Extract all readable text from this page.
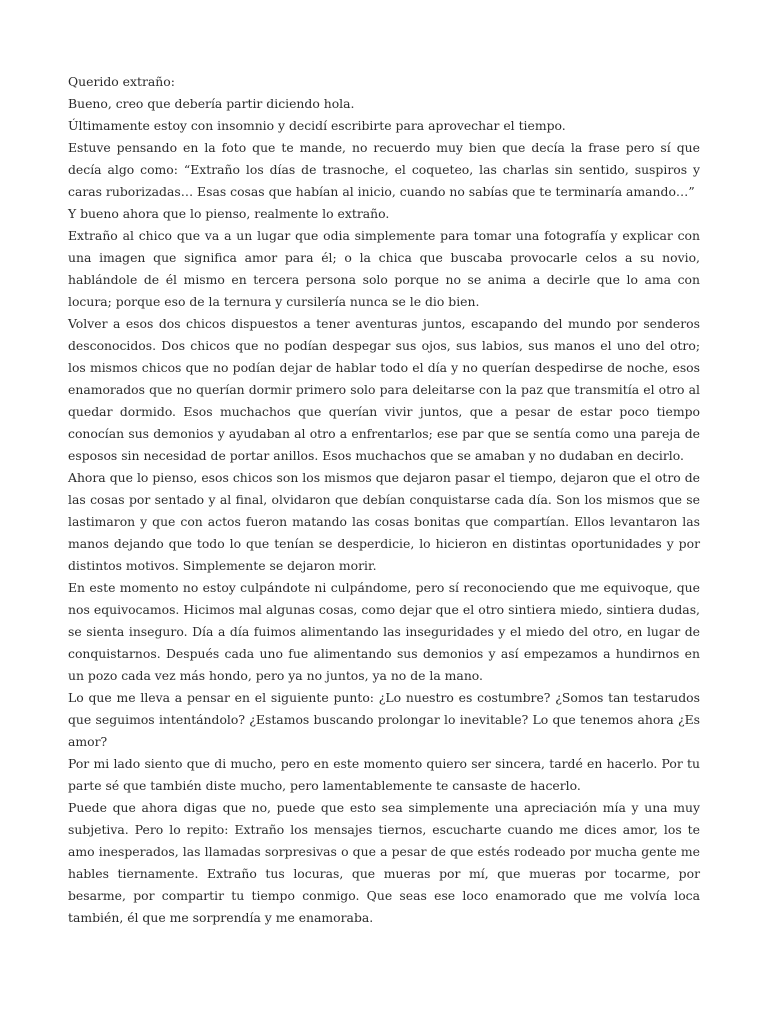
Querido extraño:

Bueno, creo que debería partir diciendo hola.

Últimamente estoy con insomnio y decidí escribirte para aprovechar el tiempo.

Estuve pensando en la foto que te mande, no recuerdo muy bien que decía la frase pero sí que decía algo como: “Extraño los días de trasnoche, el coqueteo, las charlas sin sentido, suspiros y caras ruborizadas… Esas cosas que habían al inicio, cuando no sabías que te terminaría amando…”

Y bueno ahora que lo pienso, realmente lo extraño.

Extraño al chico que va a un lugar que odia simplemente para tomar una fotografía y explicar con una imagen que significa amor para él; o la chica que buscaba provocarle celos a su novio, hablándole de él mismo en tercera persona solo porque no se anima a decirle que lo ama con locura; porque eso de la ternura y cursilería nunca se le dio bien.

Volver a esos dos chicos dispuestos a tener aventuras juntos, escapando del mundo por senderos desconocidos. Dos chicos que no podían despegar sus ojos, sus labios, sus manos el uno del otro; los mismos chicos que no podían dejar de hablar todo el día y no querían despedirse de noche, esos enamorados que no querían dormir primero solo para deleitarse con la paz que transmitía el otro al quedar dormido. Esos muchachos que querían vivir juntos, que a pesar de estar poco tiempo conocían sus demonios y ayudaban al otro a enfrentarlos; ese par que se sentía como una pareja de esposos sin necesidad de portar anillos. Esos muchachos que se amaban y no dudaban en decirlo.

Ahora que lo pienso, esos chicos son los mismos que dejaron pasar el tiempo, dejaron que el otro de las cosas por sentado y al final, olvidaron que debían conquistarse cada día. Son los mismos que se lastimaron y que con actos fueron matando las cosas bonitas que compartían. Ellos levantaron las manos dejando que todo lo que tenían se desperdicie, lo hicieron en distintas oportunidades y por distintos motivos. Simplemente se dejaron morir.

En este momento no estoy culpándote ni culpándome, pero sí reconociendo que me equivoque, que nos equivocamos. Hicimos mal algunas cosas, como dejar que el otro sintiera miedo, sintiera dudas, se sienta inseguro. Día a día fuimos alimentando las inseguridades y el miedo del otro, en lugar de conquistarnos. Después cada uno fue alimentando sus demonios y así empezamos a hundirnos en un pozo cada vez más hondo, pero ya no juntos, ya no de la mano.

Lo que me lleva a pensar en el siguiente punto: ¿Lo nuestro es costumbre? ¿Somos tan testarudos que seguimos intentándolo? ¿Estamos buscando prolongar lo inevitable? Lo que tenemos ahora ¿Es amor?

Por mi lado siento que di mucho, pero en este momento quiero ser sincera, tardé en hacerlo. Por tu parte sé que también diste mucho, pero lamentablemente te cansaste de hacerlo.

Puede que ahora digas que no, puede que esto sea simplemente una apreciación mía y una muy subjetiva. Pero lo repito: Extraño los mensajes tiernos, escucharte cuando me dices amor, los te amo inesperados, las llamadas sorpresivas o que a pesar de que estés rodeado por mucha gente me hables tiernamente. Extraño tus locuras, que mueras por mí, que mueras por tocarme, por besarme, por compartir tu tiempo conmigo. Que seas ese loco enamorado que me volvía loca también, él que me sorprendía y me enamoraba.
